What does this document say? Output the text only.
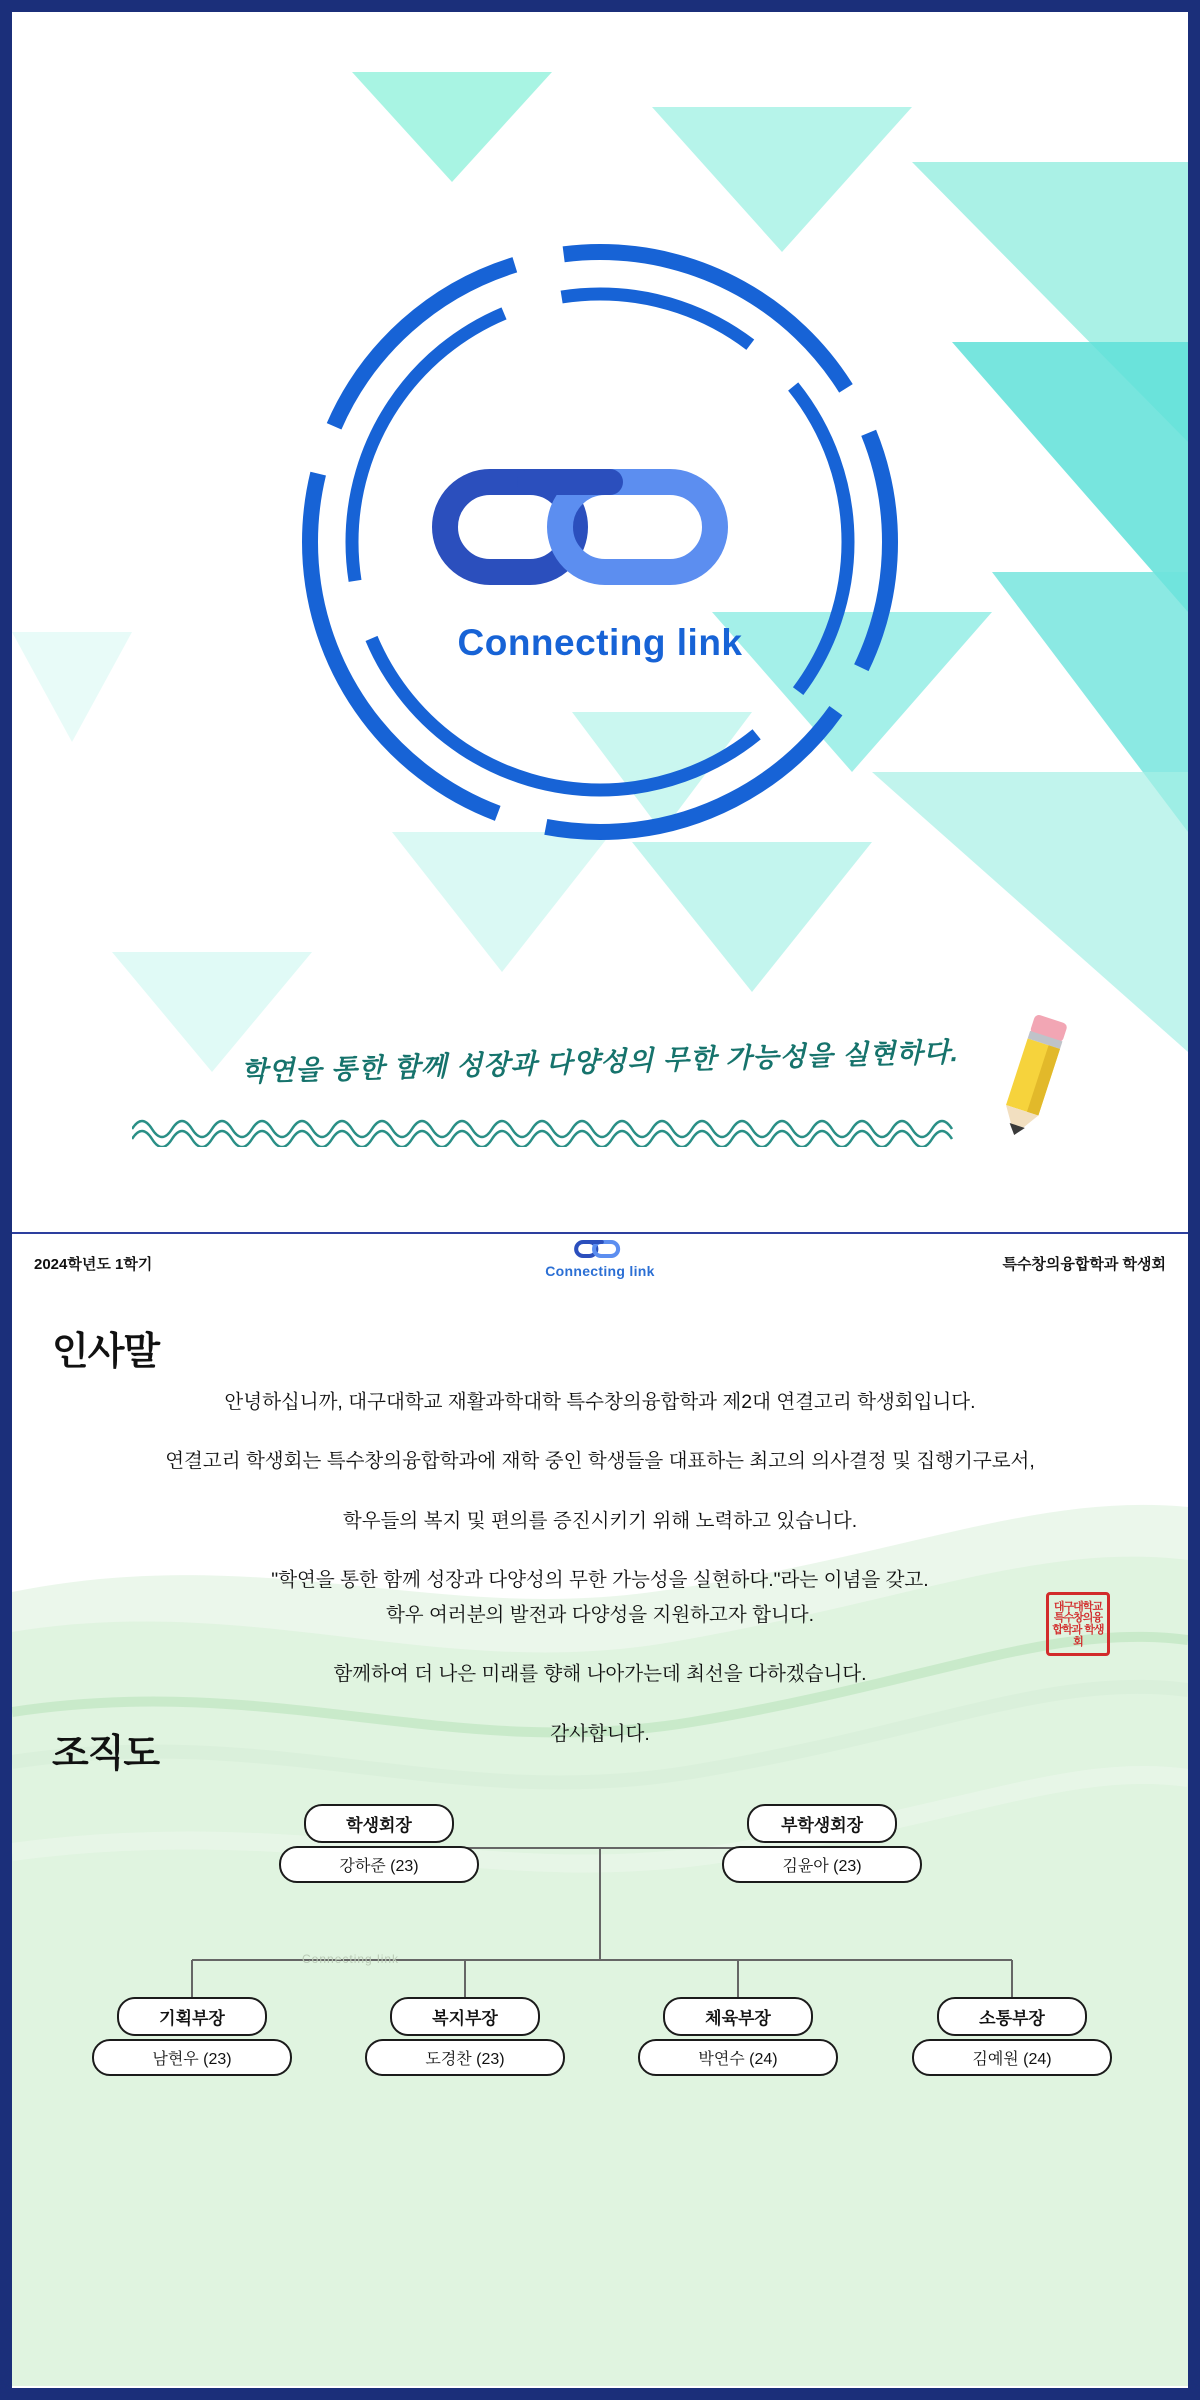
Connecting link
학연을 통한 함께 성장과 다양성의 무한 가능성을 실현하다.
2024학년도 1학기	Connecting link	특수창의융합학과 학생회
인사말

안녕하십니까, 대구대학교 재활과학대학 특수창의융합학과 제2대 연결고리 학생회입니다.

연결고리 학생회는 특수창의융합학과에 재학 중인 학생들을 대표하는 최고의 의사결정 및 집행기구로서,

학우들의 복지 및 편의를 증진시키기 위해 노력하고 있습니다.

"학연을 통한 함께 성장과 다양성의 무한 가능성을 실현하다."라는 이념을 갖고.

학우 여러분의 발전과 다양성을 지원하고자 합니다.

함께하여 더 나은 미래를 향해 나아가는데 최선을 다하겠습니다.

감사합니다.

대구대학교 특수창의융합학과 학생회
조직도
학생회장
강하준 (23)
부학생회장
김윤아 (23)
기획부장
남현우 (23)
복지부장
도경찬 (23)
체육부장
박연수 (24)
소통부장
김예원 (24)
Connecting link
